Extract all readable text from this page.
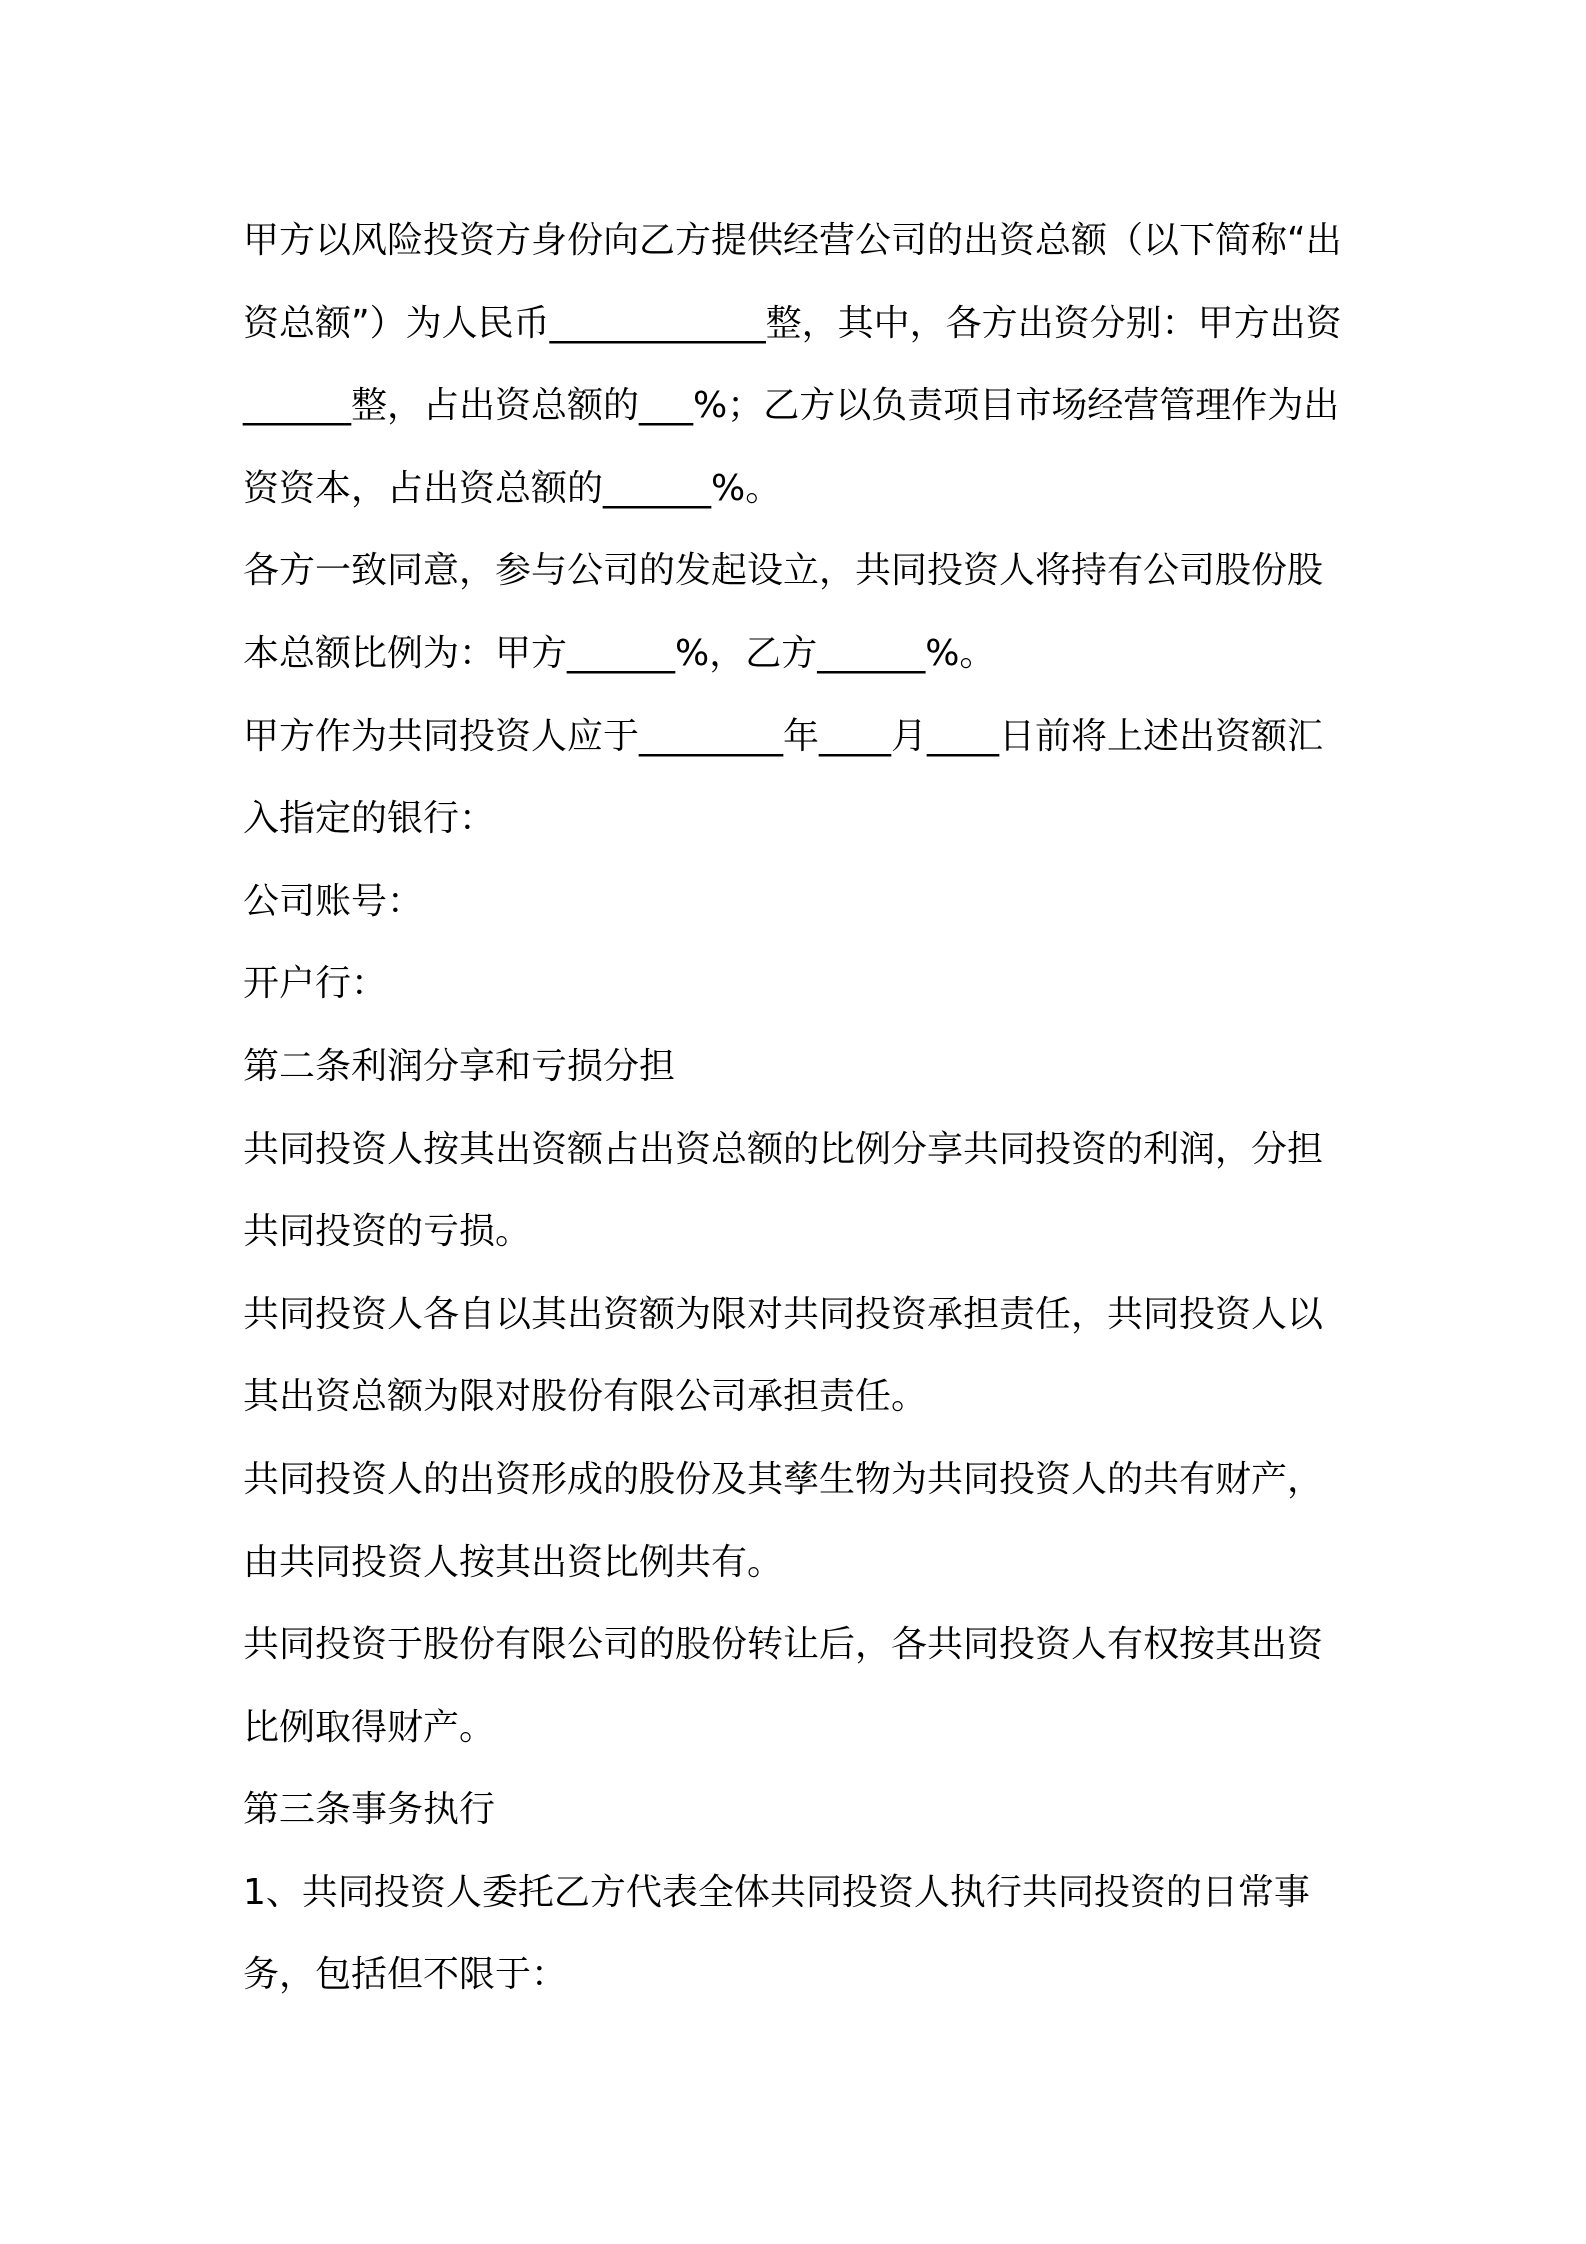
甲方以风险投资方身份向乙方提供经营公司的出资总额（以下简称“出资总额”）为人民币____________整，其中，各方出资分别：甲方出资______整，占出资总额的___%；乙方以负责项目市场经营管理作为出资资本，占出资总额的______%。

各方一致同意，参与公司的发起设立，共同投资人将持有公司股份股本总额比例为：甲方______%，乙方______%。

甲方作为共同投资人应于________年____月____日前将上述出资额汇入指定的银行：

公司账号：

开户行：

第二条利润分享和亏损分担

共同投资人按其出资额占出资总额的比例分享共同投资的利润，分担共同投资的亏损。

共同投资人各自以其出资额为限对共同投资承担责任，共同投资人以其出资总额为限对股份有限公司承担责任。

共同投资人的出资形成的股份及其孳生物为共同投资人的共有财产，由共同投资人按其出资比例共有。

共同投资于股份有限公司的股份转让后，各共同投资人有权按其出资比例取得财产。

第三条事务执行

1、共同投资人委托乙方代表全体共同投资人执行共同投资的日常事务，包括但不限于：
